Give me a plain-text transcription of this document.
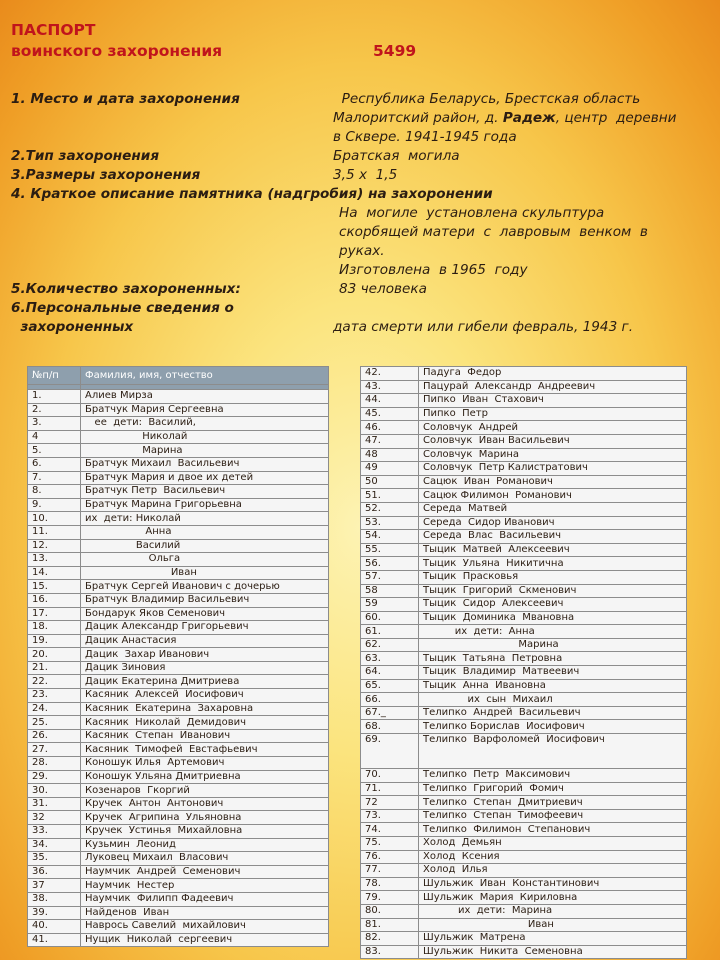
ПАСПОРТ
воинского захоронения	5499
1. Место и дата захоронения	Республика Беларусь, Брестская область
Малоритский район, д. Радеж, центр  деревни
в Сквере. 1941-1945 года
2.Тип захоронения	Братская  могила
3.Размеры захоронения	3,5 х  1,5
4. Краткое описание памятника (надгробия) на захоронении
На  могиле  установлена скульптура
скорбящей матери  с  лавровым  венком  в
руках.
Изготовлена  в 1965  году
5.Количество захороненных:	83 человека
6.Персональные сведения о
захороненных	дата смерти или гибели февраль, 1943 г.
№п/п	Фамилия, имя, отчество

1.	Алиев Мирза
2.	Братчук Мария Сергеевна
3.	ее  дети:  Василий,
4	Николай
5.	Марина
6.	Братчук Михаил  Васильевич
7.	Братчук Мария и двое их детей
8.	Братчук Петр  Васильевич
9.	Братчук Марина Григорьевна
10.	их  дети: Николай
11.	Анна
12.	Василий
13.	Ольга
14.	Иван
15.	Братчук Сергей Иванович с дочерью
16.	Братчук Владимир Васильевич
17.	Бондарук Яков Семенович
18.	Дацик Александр Григорьевич
19.	Дацик Анастасия
20.	Дацик  Захар Иванович
21.	Дацик Зиновия
22.	Дацик Екатерина Дмитриева
23.	Касяник  Алексей  Иосифович
24.	Касяник  Екатерина  Захаровна
25.	Касяник  Николай  Демидович
26.	Касяник  Степан  Иванович
27.	Касяник  Тимофей  Евстафьевич
28.	Коношук Илья  Артемович
29.	Коношук Ульяна Дмитриевна
30.	Козенаров  Гкоргий
31.	Кручек  Антон  Антонович
32	Кручек  Агрипина  Ульяновна
33.	Кручек  Устинья  Михайловна
34.	Кузьмин  Леонид
35.	Луковец Михаил  Власович
36.	Наумчик  Андрей  Семенович
37	Наумчик  Нестер
38.	Наумчик  Филипп Фадеевич
39.	Найденов  Иван
40.	Наврось Савелий  михайлович
41.	Нущик  Николай  сергеевич
42.	Падуга  Федор
43.	Пацурай  Александр  Андреевич
44.	Пипко  Иван  Стахович
45.	Пипко  Петр
46.	Соловчук  Андрей
47.	Соловчук  Иван Васильевич
48	Соловчук  Марина
49	Соловчук  Петр Калистратович
50	Сацюк  Иван  Романович
51.	Сацюк Филимон  Романович
52.	Середа  Матвей
53.	Середа  Сидор Иванович
54.	Середа  Влас  Васильевич
55.	Тыцик  Матвей  Алексеевич
56.	Тыцик  Ульяна  Никитична
57.	Тыцик  Прасковья
58	Тыцик  Григорий  Скменович
59	Тыцик  Сидор  Алексеевич
60.	Тыцик  Доминика  Мвановна
61.	их  дети:  Анна
62.	Марина
63.	Тыцик  Татьяна  Петровна
64.	Тыцик  Владимир  Матвеевич
65.	Тыцик  Анна  Ивановна
66.	их  сын  Михаил
67._	Телипко  Андрей  Васильевич
68.	Телипко Борислав  Иосифович
69.	Телипко  Варфоломей  Иосифович
70.	Телипко  Петр  Максимович
71.	Телипко  Григорий  Фомич
72	Телипко  Степан  Дмитриевич
73.	Телипко  Степан  Тимофеевич
74.	Телипко  Филимон  Степанович
75.	Холод  Демьян
76.	Холод  Ксения
77.	Холод  Илья
78.	Шульжик  Иван  Константинович
79.	Шульжик  Мария  Кириловна
80.	их  дети:  Марина
81.	Иван
82.	Шульжик  Матрена
83.	Шульжик  Никита  Семеновна
